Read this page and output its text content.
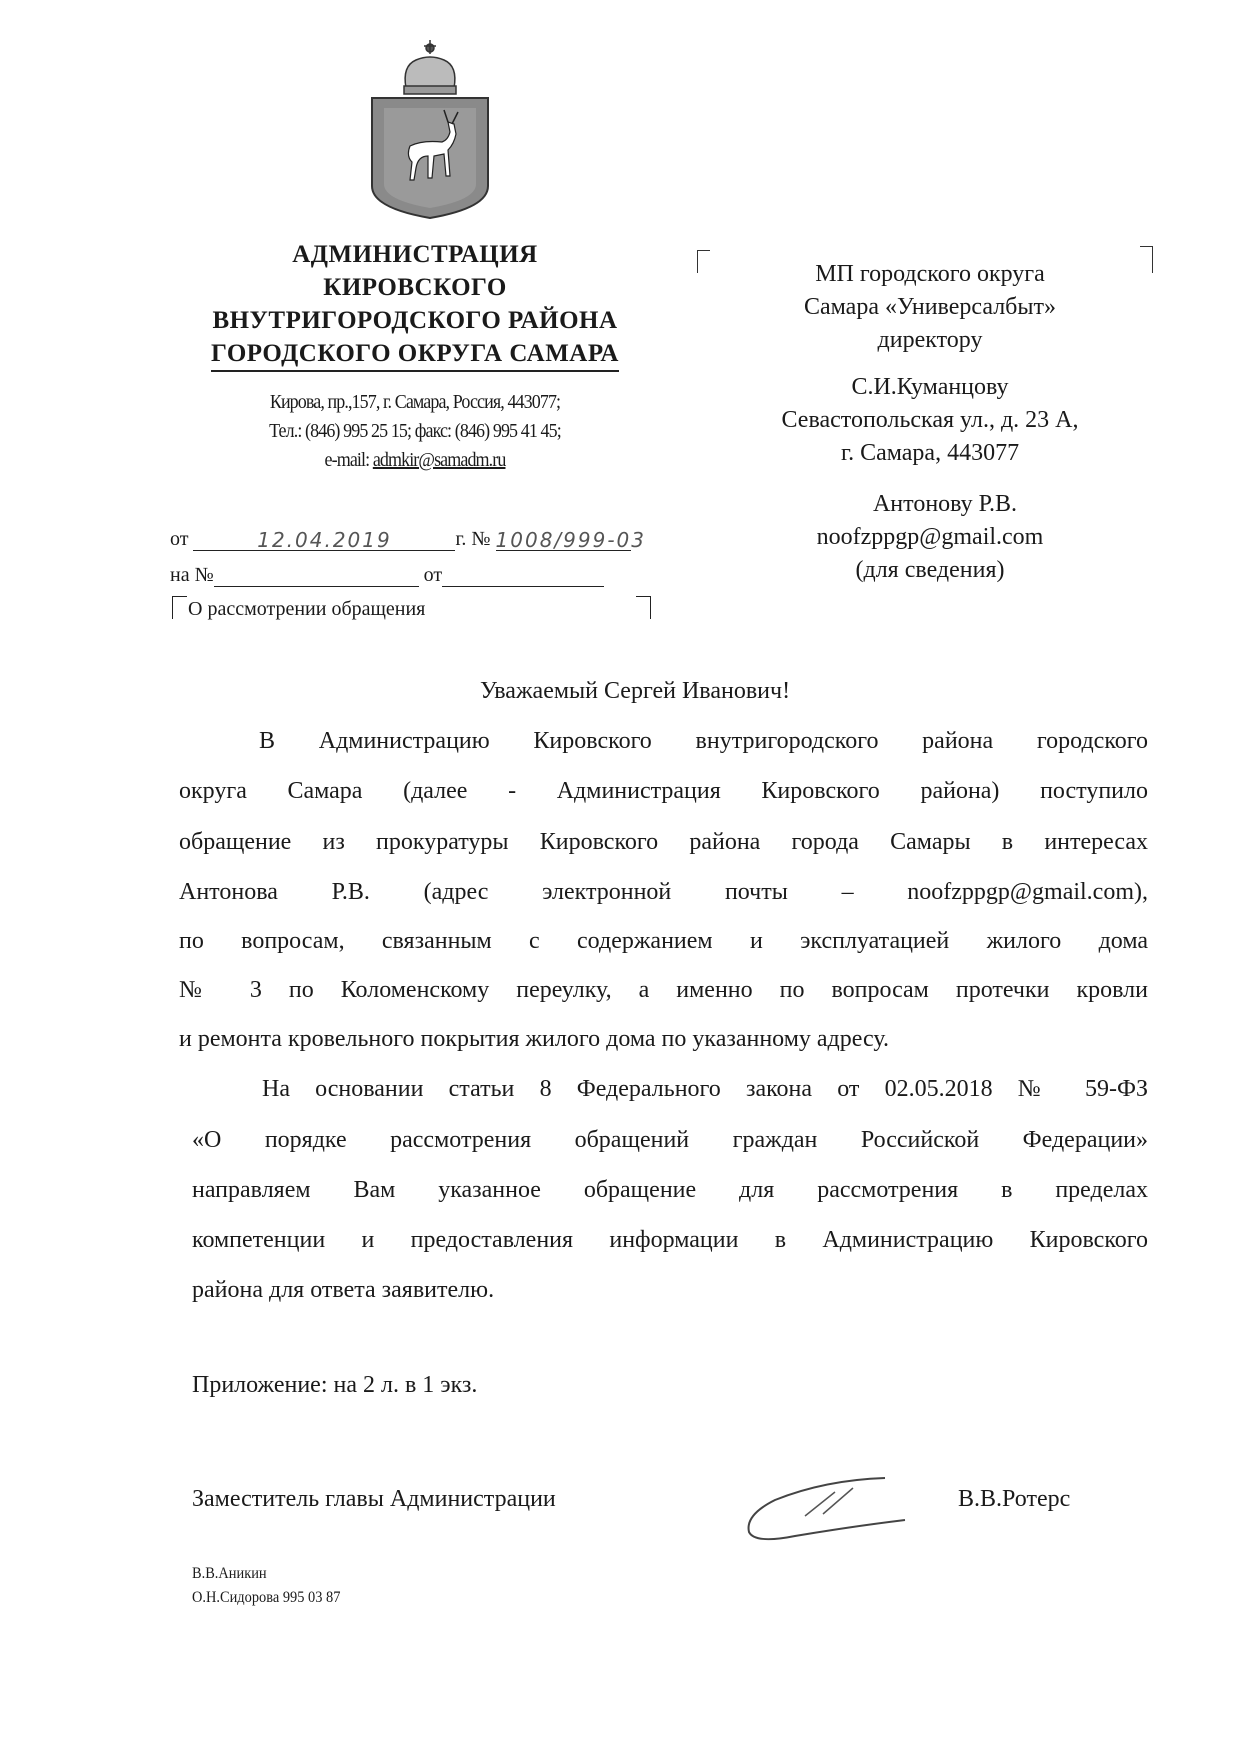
АДМИНИСТРАЦИЯ
КИРОВСКОГО
ВНУТРИГОРОДСКОГО РАЙОНА
ГОРОДСКОГО ОКРУГА САМАРА
Кирова, пр.,157, г. Самара, Россия, 443077;
Тел.: (846) 995 25 15; факс: (846) 995 41 45;
e-mail: admkir@samadm.ru
от	12.04.2019	г. № 1008/999-03
на №	от
О рассмотрении обращения
МП городского округа
Самара «Универсалбыт»
директору
С.И.Куманцову
Севастопольская ул., д. 23 А,
г. Самара, 443077
Антонову Р.В.
noofzppgp@gmail.com
(для сведения)
Уважаемый Сергей Иванович!
В Администрацию Кировского внутригородского района городского
округа Самара (далее - Администрация Кировского района) поступило
обращение из прокуратуры Кировского района города Самары в интересах
Антонова Р.В. (адрес электронной почты – noofzppgp@gmail.com),
по вопросам, связанным с содержанием и эксплуатацией жилого дома
№ 3 по Коломенскому переулку, а именно по вопросам протечки кровли
и ремонта кровельного покрытия жилого дома по указанному адресу.
На основании статьи 8 Федерального закона от 02.05.2018 № 59-ФЗ
«О порядке рассмотрения обращений граждан Российской Федерации»
направляем Вам указанное обращение для рассмотрения в пределах
компетенции и предоставления информации в Администрацию Кировского
района для ответа заявителю.
Приложение: на 2 л. в 1 экз.
Заместитель главы Администрации	В.В.Ротерс
В.В.Аникин
О.Н.Сидорова 995 03 87
